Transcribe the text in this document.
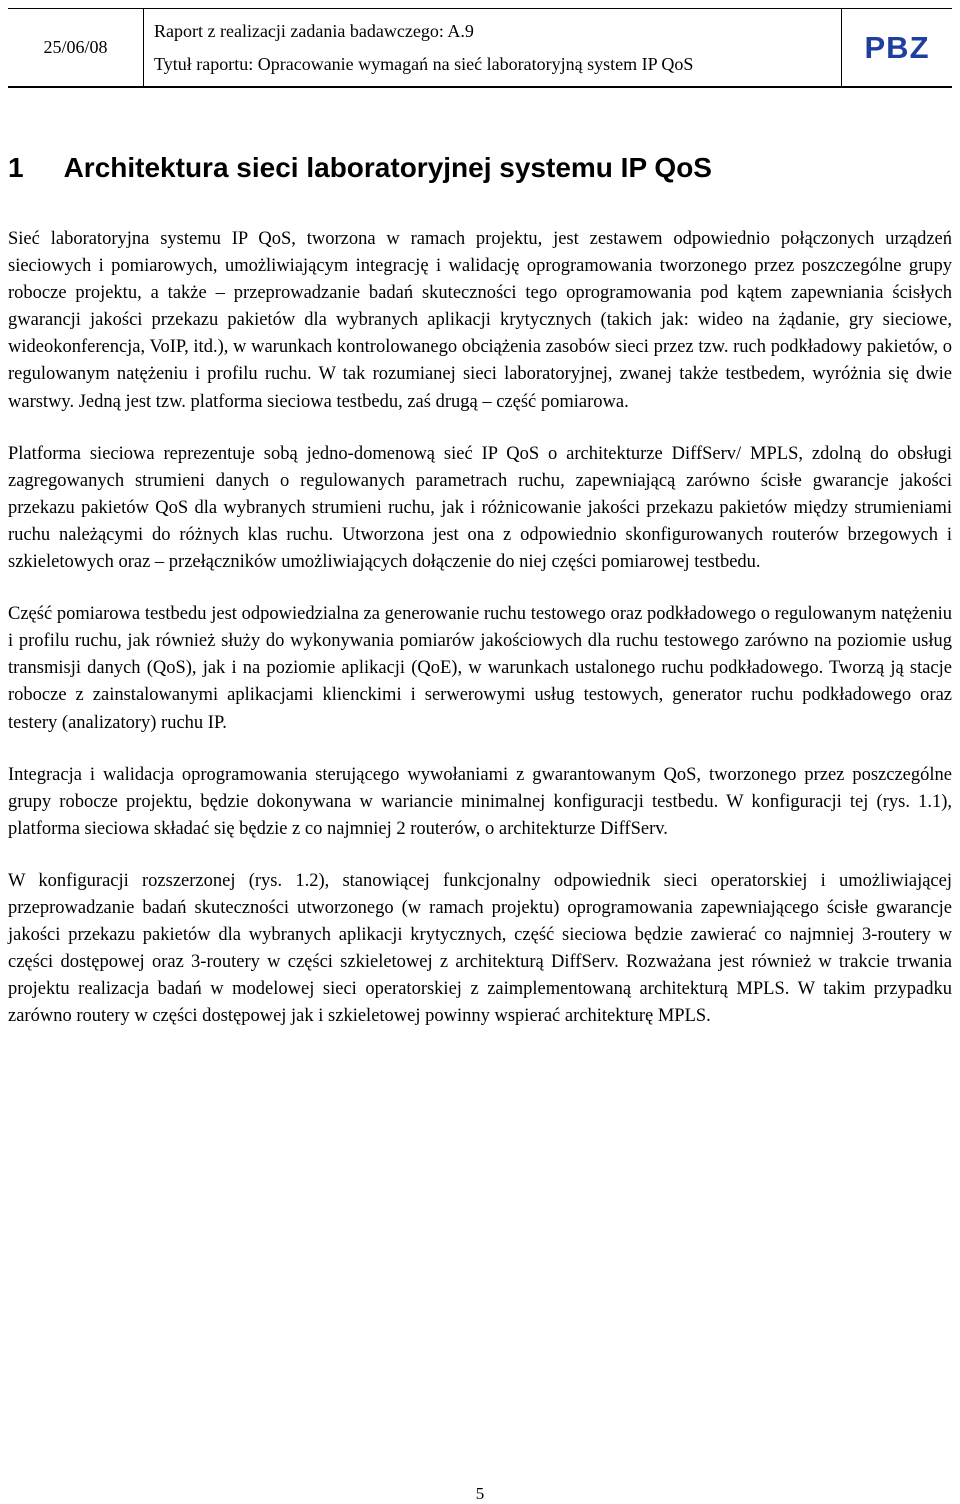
25/06/08
Raport z realizacji zadania badawczego: A.9
Tytuł raportu: Opracowanie wymagań na sieć laboratoryjną system IP QoS	PBZ
1 Architektura sieci laboratoryjnej systemu IP QoS

Sieć laboratoryjna systemu IP QoS, tworzona w ramach projektu, jest zestawem odpowiednio połączonych urządzeń sieciowych i pomiarowych, umożliwiającym integrację i walidację oprogramowania tworzonego przez poszczególne grupy robocze projektu, a także – przeprowadzanie badań skuteczności tego oprogramowania pod kątem zapewniania ścisłych gwarancji jakości przekazu pakietów dla wybranych aplikacji krytycznych (takich jak: wideo na żądanie, gry sieciowe, wideokonferencja, VoIP, itd.), w warunkach kontrolowanego obciążenia zasobów sieci przez tzw. ruch podkładowy pakietów, o regulowanym natężeniu i profilu ruchu. W tak rozumianej sieci laboratoryjnej, zwanej także testbedem, wyróżnia się dwie warstwy. Jedną jest tzw. platforma sieciowa testbedu, zaś drugą – część pomiarowa.

Platforma sieciowa reprezentuje sobą jedno-domenową sieć IP QoS o architekturze DiffServ/ MPLS, zdolną do obsługi zagregowanych strumieni danych o regulowanych parametrach ruchu, zapewniającą zarówno ścisłe gwarancje jakości przekazu pakietów QoS dla wybranych strumieni ruchu, jak i różnicowanie jakości przekazu pakietów między strumieniami ruchu należącymi do różnych klas ruchu. Utworzona jest ona z odpowiednio skonfigurowanych routerów brzegowych i szkieletowych oraz – przełączników umożliwiających dołączenie do niej części pomiarowej testbedu.

Część pomiarowa testbedu jest odpowiedzialna za generowanie ruchu testowego oraz podkładowego o regulowanym natężeniu i profilu ruchu, jak również służy do wykonywania pomiarów jakościowych dla ruchu testowego zarówno na poziomie usług transmisji danych (QoS), jak i na poziomie aplikacji (QoE), w warunkach ustalonego ruchu podkładowego. Tworzą ją stacje robocze z zainstalowanymi aplikacjami klienckimi i serwerowymi usług testowych, generator ruchu podkładowego oraz testery (analizatory) ruchu IP.

Integracja i walidacja oprogramowania sterującego wywołaniami z gwarantowanym QoS, tworzonego przez poszczególne grupy robocze projektu, będzie dokonywana w wariancie minimalnej konfiguracji testbedu. W konfiguracji tej (rys. 1.1), platforma sieciowa składać się będzie z co najmniej 2 routerów, o architekturze DiffServ.

W konfiguracji rozszerzonej (rys. 1.2), stanowiącej funkcjonalny odpowiednik sieci operatorskiej i umożliwiającej przeprowadzanie badań skuteczności utworzonego (w ramach projektu) oprogramowania zapewniającego ścisłe gwarancje jakości przekazu pakietów dla wybranych aplikacji krytycznych, część sieciowa będzie zawierać co najmniej 3-routery w części dostępowej oraz 3-routery w części szkieletowej z architekturą DiffServ. Rozważana jest również w trakcie trwania projektu realizacja badań w modelowej sieci operatorskiej z zaimplementowaną architekturą MPLS. W takim przypadku zarówno routery w części dostępowej jak i szkieletowej powinny wspierać architekturę MPLS.

5
